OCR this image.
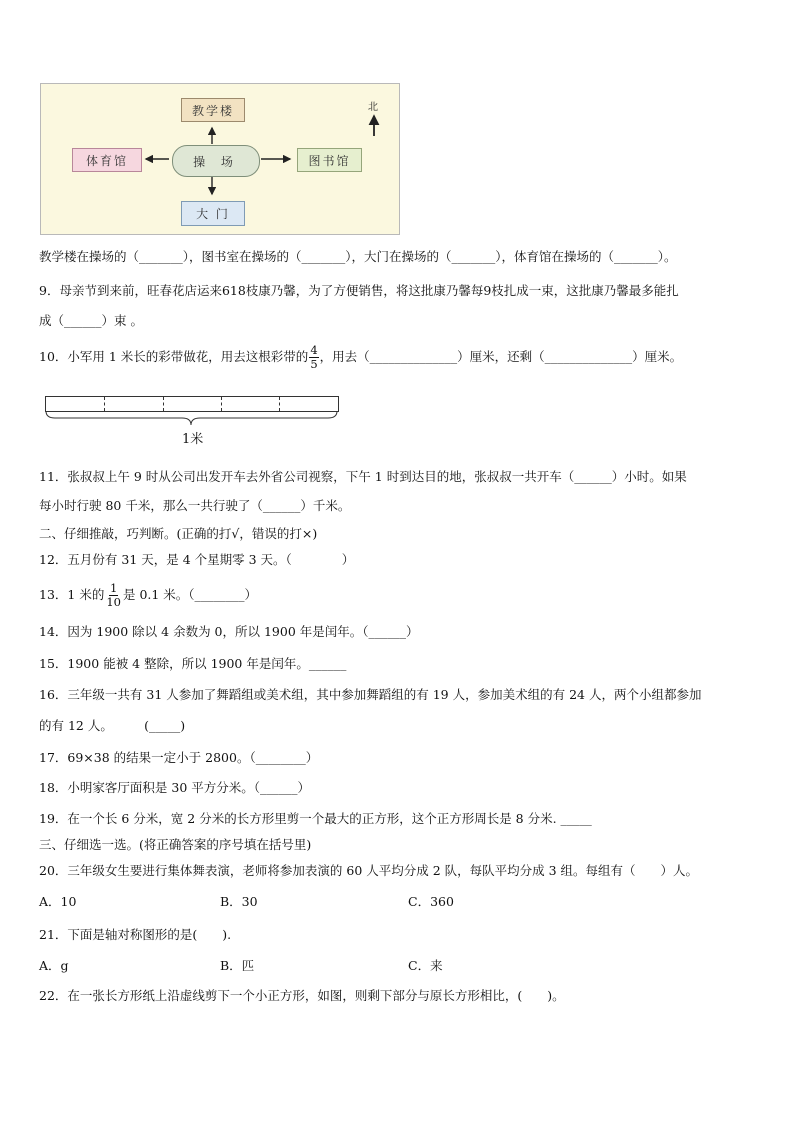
教学楼
体育馆	操 场	图书馆
大 门
北
教学楼在操场的（_______），图书室在操场的（_______），大门在操场的（_______），体育馆在操场的（_______）。
9．母亲节到来前，旺春花店运来618枝康乃馨，为了方便销售，将这批康乃馨每9枝扎成一束，这批康乃馨最多能扎
成（______）束 。
10．小军用 1 米长的彩带做花，用去这根彩带的 $\frac{4}{5}$ ，用去（______________）厘米，还剩（______________）厘米。
1米
11．张叔叔上午 9 时从公司出发开车去外省公司视察，下午 1 时到达目的地，张叔叔一共开车（______）小时。如果
每小时行驶 80 千米，那么一共行驶了（______）千米。
二、仔细推敲，巧判断。(正确的打√，错误的打×)
12．五月份有 31 天，是 4 个星期零 3 天。（　　　　）
13．1 米的 $\frac{1}{10}$ 是 0.1 米。（________）
14．因为 1900 除以 4 余数为 0，所以 1900 年是闰年。（______）
15．1900 能被 4 整除，所以 1900 年是闰年。______
16．三年级一共有 31 人参加了舞蹈组或美术组，其中参加舞蹈组的有 19 人，参加美术组的有 24 人，两个小组都参加
的有 12 人。　　　(_____)
17．69×38 的结果一定小于 2800。（________）
18．小明家客厅面积是 30 平方分米。（______）
19．在一个长 6 分米，宽 2 分米的长方形里剪一个最大的正方形，这个正方形周长是 8 分米. _____
三、仔细选一选。(将正确答案的序号填在括号里)
20．三年级女生要进行集体舞表演，老师将参加表演的 60 人平均分成 2 队，每队平均分成 3 组。每组有（　　）人。
A．10	B．30	C．360
21．下面是轴对称图形的是(　　).
A．g	B．匹	C．来
22．在一张长方形纸上沿虚线剪下一个小正方形，如图，则剩下部分与原长方形相比，(　　)。
